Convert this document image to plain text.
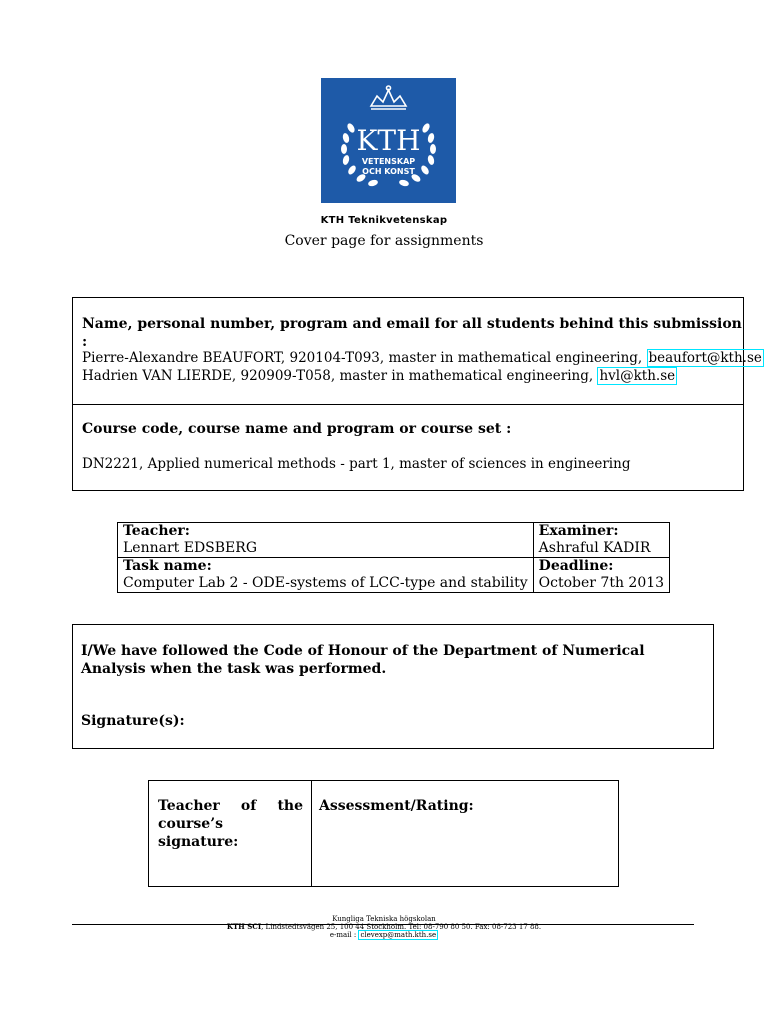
KTH
VETENSKAP
OCH KONST
KTH Teknikvetenskap
Cover page for assignments
Name, personal number, program and email for all students behind this submission :
Pierre-Alexandre BEAUFORT, 920104-T093, master in mathematical engineering, beaufort@kth.se
Hadrien VAN LIERDE, 920909-T058, master in mathematical engineering, hvl@kth.se
Course code, course name and program or course set :
DN2221, Applied numerical methods - part 1, master of sciences in engineering
Teacher:	Examiner:
Lennart EDSBERG	Ashraful KADIR
Task name:	Deadline:
Computer Lab 2 - ODE-systems of LCC-type and stability	October 7th 2013
I/We have followed the Code of Honour of the Department of Numerical Analysis when the task was performed.
Signature(s):
Teacher of the course’s signature:
Assessment/Rating:
Kungliga Tekniska högskolan
KTH SCI, Lindstedtsvägen 25, 100 44 Stockholm. Tel: 08-790 80 50. Fax: 08-723 17 88.
e-mail : clevexp@math.kth.se
